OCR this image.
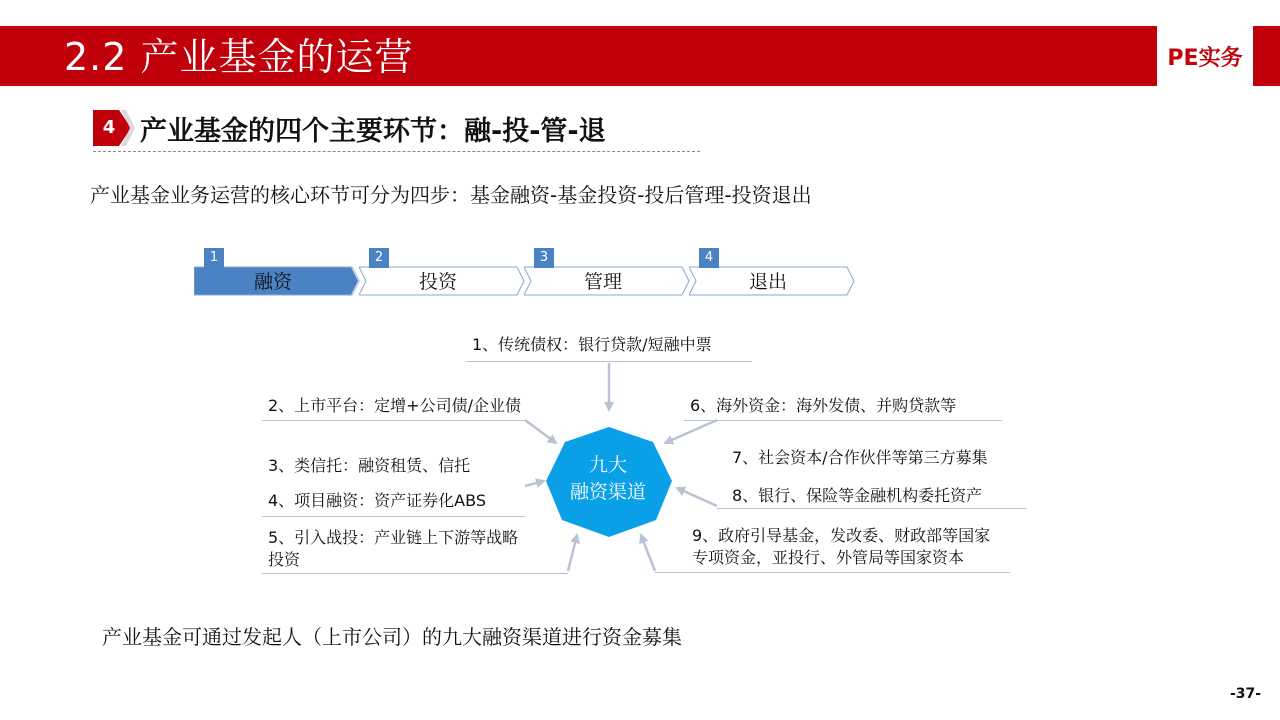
2.2 产业基金的运营	PE实务
4 产业基金的四个主要环节：融-投-管-退
产业基金业务运营的核心环节可分为四步：基金融资-基金投资-投后管理-投资退出
1
融资
2
投资
3
管理
4
退出
九大
融资渠道
1、传统债权：银行贷款/短融中票
2、上市平台：定增+公司债/企业债
3、类信托：融资租赁、信托
4、项目融资：资产证券化ABS
5、引入战投：产业链上下游等战略
投资
6、海外资金：海外发债、并购贷款等
7、社会资本/合作伙伴等第三方募集
8、银行、保险等金融机构委托资产
9、政府引导基金，发改委、财政部等国家
专项资金，亚投行、外管局等国家资本
产业基金可通过发起人（上市公司）的九大融资渠道进行资金募集
-37-
